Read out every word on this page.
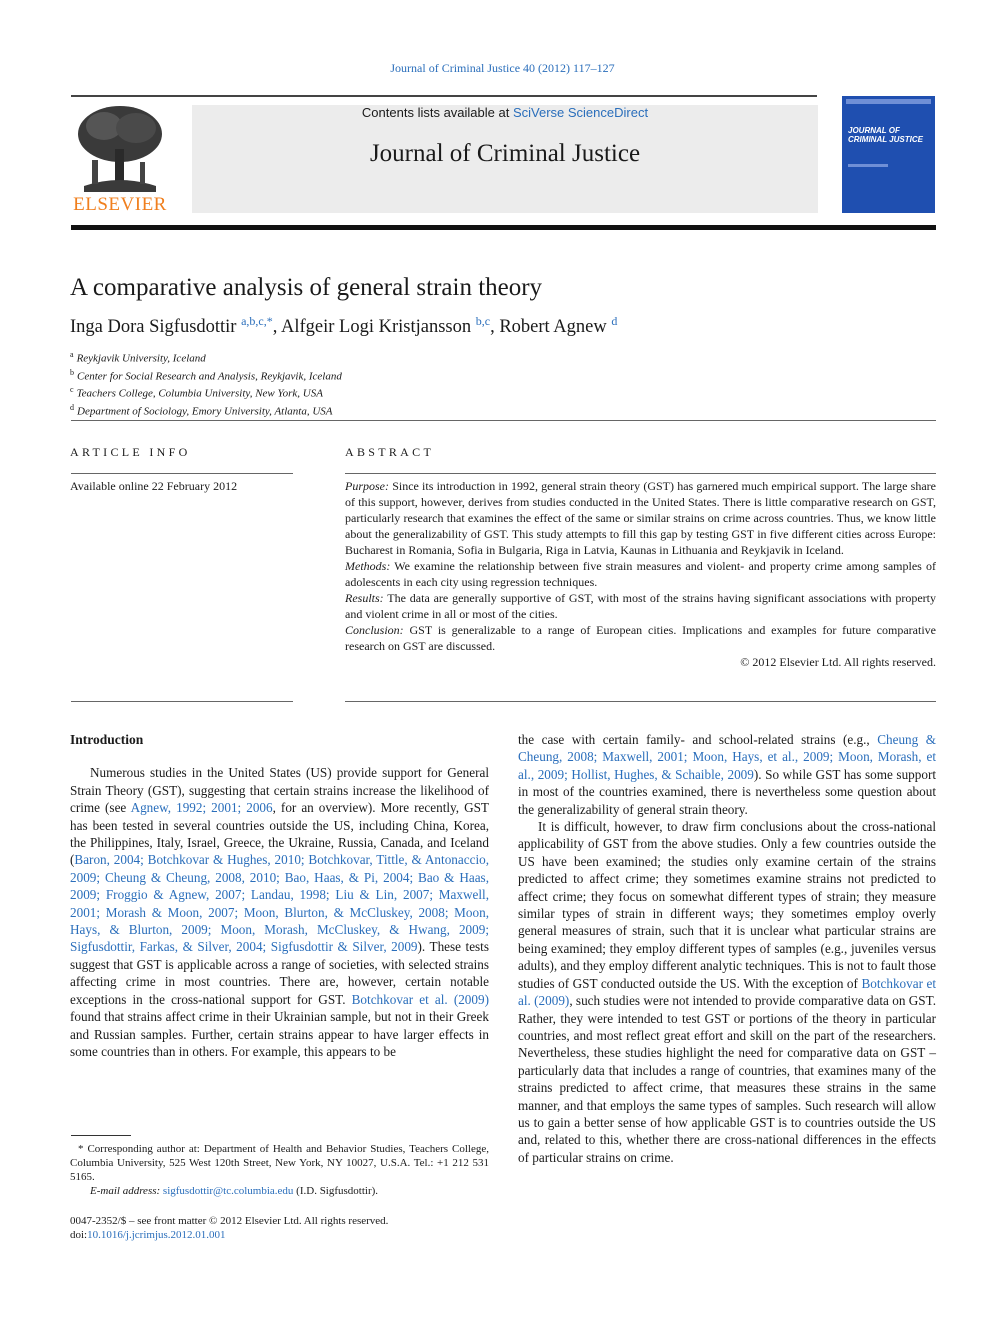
Journal of Criminal Justice 40 (2012) 117–127
ELSEVIER
Contents lists available at SciVerse ScienceDirect
Journal of Criminal Justice
JOURNAL OF CRIMINAL JUSTICE
A comparative analysis of general strain theory
Inga Dora Sigfusdottir $^{a,b,c,*}$, Alfgeir Logi Kristjansson $^{b,c}$, Robert Agnew $^d$
$^a$ Reykjavik University, Iceland
$^b$ Center for Social Research and Analysis, Reykjavik, Iceland
$^c$ Teachers College, Columbia University, New York, USA
$^d$ Department of Sociology, Emory University, Atlanta, USA
ARTICLE INFO
Available online 22 February 2012
ABSTRACT

Purpose: Since its introduction in 1992, general strain theory (GST) has garnered much empirical support. The large share of this support, however, derives from studies conducted in the United States. There is little comparative research on GST, particularly research that examines the effect of the same or similar strains on crime across countries. Thus, we know little about the generalizability of GST. This study attempts to fill this gap by testing GST in five different cities across Europe: Bucharest in Romania, Sofia in Bulgaria, Riga in Latvia, Kaunas in Lithuania and Reykjavik in Iceland.

Methods: We examine the relationship between five strain measures and violent- and property crime among samples of adolescents in each city using regression techniques.

Results: The data are generally supportive of GST, with most of the strains having significant associations with property and violent crime in all or most of the cities.

Conclusion: GST is generalizable to a range of European cities. Implications and examples for future comparative research on GST are discussed.

© 2012 Elsevier Ltd. All rights reserved.

Introduction

Numerous studies in the United States (US) provide support for General Strain Theory (GST), suggesting that certain strains increase the likelihood of crime (see Agnew, 1992; 2001; 2006, for an overview). More recently, GST has been tested in several countries outside the US, including China, Korea, the Philippines, Italy, Israel, Greece, the Ukraine, Russia, Canada, and Iceland (Baron, 2004; Botchkovar & Hughes, 2010; Botchkovar, Tittle, & Antonaccio, 2009; Cheung & Cheung, 2008, 2010; Bao, Haas, & Pi, 2004; Bao & Haas, 2009; Froggio & Agnew, 2007; Landau, 1998; Liu & Lin, 2007; Maxwell, 2001; Morash & Moon, 2007; Moon, Blurton, & McCluskey, 2008; Moon, Hays, & Blurton, 2009; Moon, Morash, McCluskey, & Hwang, 2009; Sigfusdottir, Farkas, & Silver, 2004; Sigfusdottir & Silver, 2009). These tests suggest that GST is applicable across a range of societies, with selected strains affecting crime in most countries. There are, however, certain notable exceptions in the cross-national support for GST. Botchkovar et al. (2009) found that strains affect crime in their Ukrainian sample, but not in their Greek and Russian samples. Further, certain strains appear to have larger effects in some countries than in others. For example, this appears to be

the case with certain family- and school-related strains (e.g., Cheung & Cheung, 2008; Maxwell, 2001; Moon, Hays, et al., 2009; Moon, Morash, et al., 2009; Hollist, Hughes, & Schaible, 2009). So while GST has some support in most of the countries examined, there is nevertheless some question about the generalizability of general strain theory.

It is difficult, however, to draw firm conclusions about the cross-national applicability of GST from the above studies. Only a few countries outside the US have been examined; the studies only examine certain of the strains predicted to affect crime; they sometimes examine strains not predicted to affect crime; they focus on somewhat different types of strain; they measure similar types of strain in different ways; they sometimes employ overly general measures of strain, such that it is unclear what particular strains are being examined; they employ different types of samples (e.g., juveniles versus adults), and they employ different analytic techniques. This is not to fault those studies of GST conducted outside the US. With the exception of Botchkovar et al. (2009), such studies were not intended to provide comparative data on GST. Rather, they were intended to test GST or portions of the theory in particular countries, and most reflect great effort and skill on the part of the researchers. Nevertheless, these studies highlight the need for comparative data on GST – particularly data that includes a range of countries, that examines many of the strains predicted to affect crime, that measures these strains in the same manner, and that employs the same types of samples. Such research will allow us to gain a better sense of how applicable GST is to countries outside the US and, related to this, whether there are cross-national differences in the effects of particular strains on crime.

* Corresponding author at: Department of Health and Behavior Studies, Teachers College, Columbia University, 525 West 120th Street, New York, NY 10027, U.S.A. Tel.: +1 212 531 5165.

E-mail address: sigfusdottir@tc.columbia.edu (I.D. Sigfusdottir).

0047-2352/$ – see front matter © 2012 Elsevier Ltd. All rights reserved.
doi:10.1016/j.jcrimjus.2012.01.001
